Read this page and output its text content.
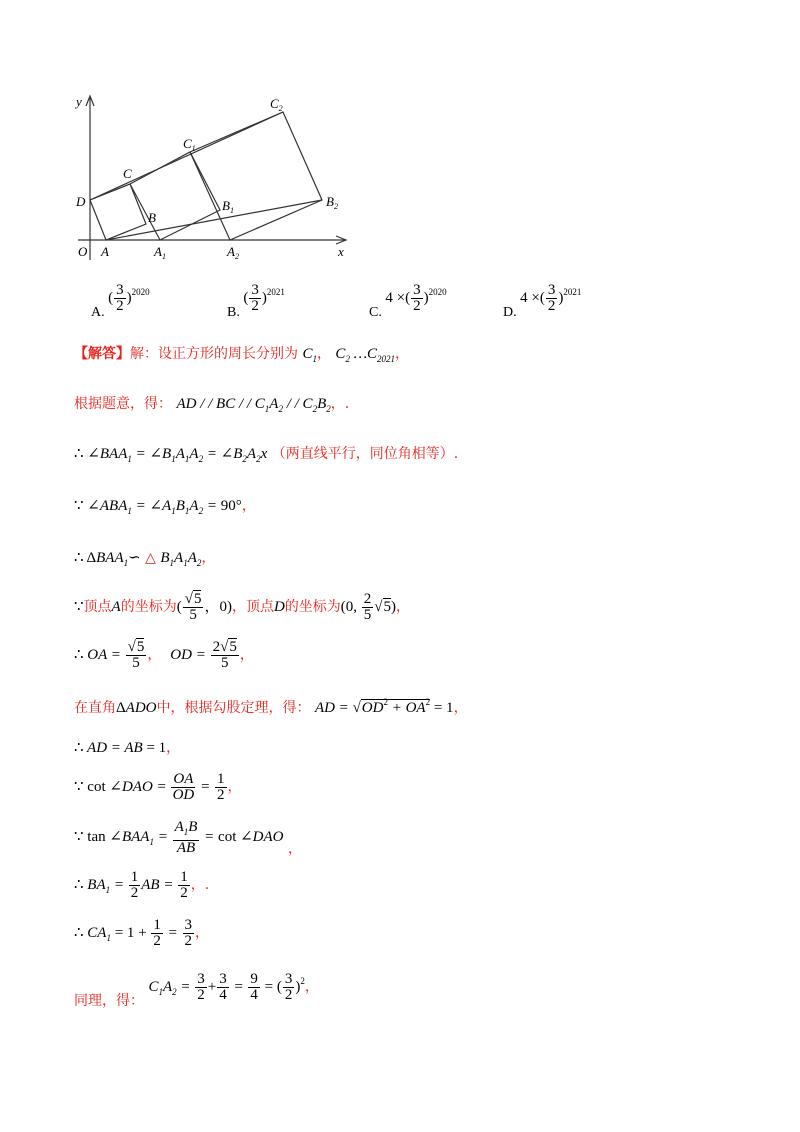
y
x
O
D
A
C
B
$C_1$
$B_1$
$A_1$
$C_2$
$B_2$
$A_2$
A. ( $\frac{3}{2} )^{2020}$
B. ( $\frac{3}{2} )^{2021}$
C. 4 ×( $\frac{3}{2} )^{2020}$
D. 4 ×( $\frac{3}{2} )^{2021}$
【解答】解：设正方形的周长分别为 $C_1$， $C_2$ $\dots C_{2021}$，
根据题意，得： AD / / BC / / $C_1A_2$ / / $C_2B_2$，.
∴ $\angle BAA_1$ = $\angle B_1A_1A_2$ = $\angle B_2A_2x$ （两直线平行，同位角相等）.
∵ $\angle ABA_1$ = $\angle A_1B_1A_2 = 90^\circ$，
∴ $\Delta BAA_1∽$ △ $B_1A_1A_2$，
∵顶点A的坐标为( $\frac{√5}{5}$ ，0)，顶点D的坐标为(0, $\frac{2}{5} √5$)，
∴ OA = $\frac{√5}{5}$ ，  OD = $\frac{2√5}{5}$ ，
在直角ΔADO中，根据勾股定理，得： AD = $√OD^2 + OA^2 = 1$，
∴ AD = AB = 1，
∵ cot ∠DAO = $\frac{OA}{OD} = \frac{1}{2}$ ，
∵ $\tan \angle BAA_1 = \frac{A_1B}{AB} = \cot$ ∠DAO ，
∴ $BA_1 = \frac{1}{2}$ AB = $\frac{1}{2}$ ，.
∴ $CA_1 = 1 + \frac{1}{2} = \frac{3}{2}$ ，
同理，得： $C_1A_2 = \frac{3}{2} + \frac{3}{4} = \frac{9}{4}$ = ( $\frac{3}{2} )^2$，
